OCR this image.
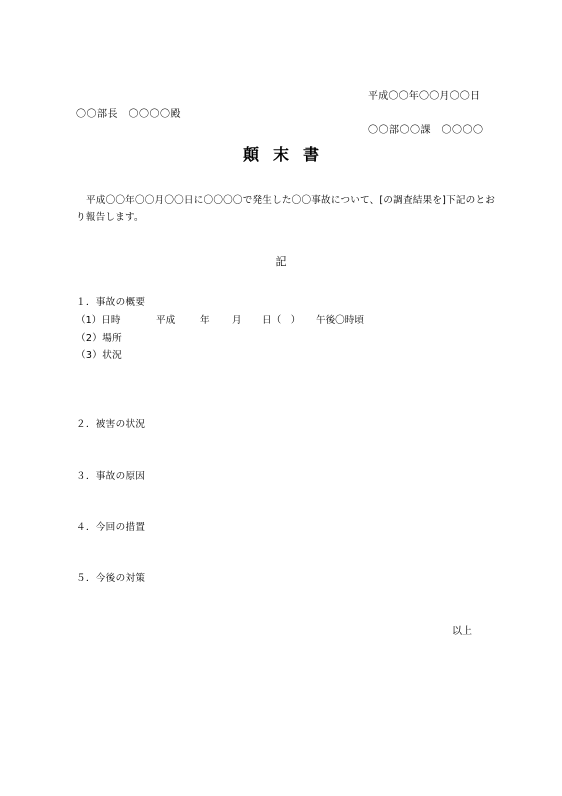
平成〇〇年〇〇月〇〇日
〇〇部長　〇〇〇〇殿
〇〇部〇〇課　〇〇〇〇
顛末書
平成〇〇年〇〇月〇〇日に〇〇〇〇で発生した〇〇事故について、[の調査結果を]下記のとおり報告します。
記
１．事故の概要
（1）日時	平成	年 月 日（　） 午後〇時頃
（2）場所
（3）状況
２．被害の状況
３．事故の原因
４．今回の措置
５．今後の対策
以上
